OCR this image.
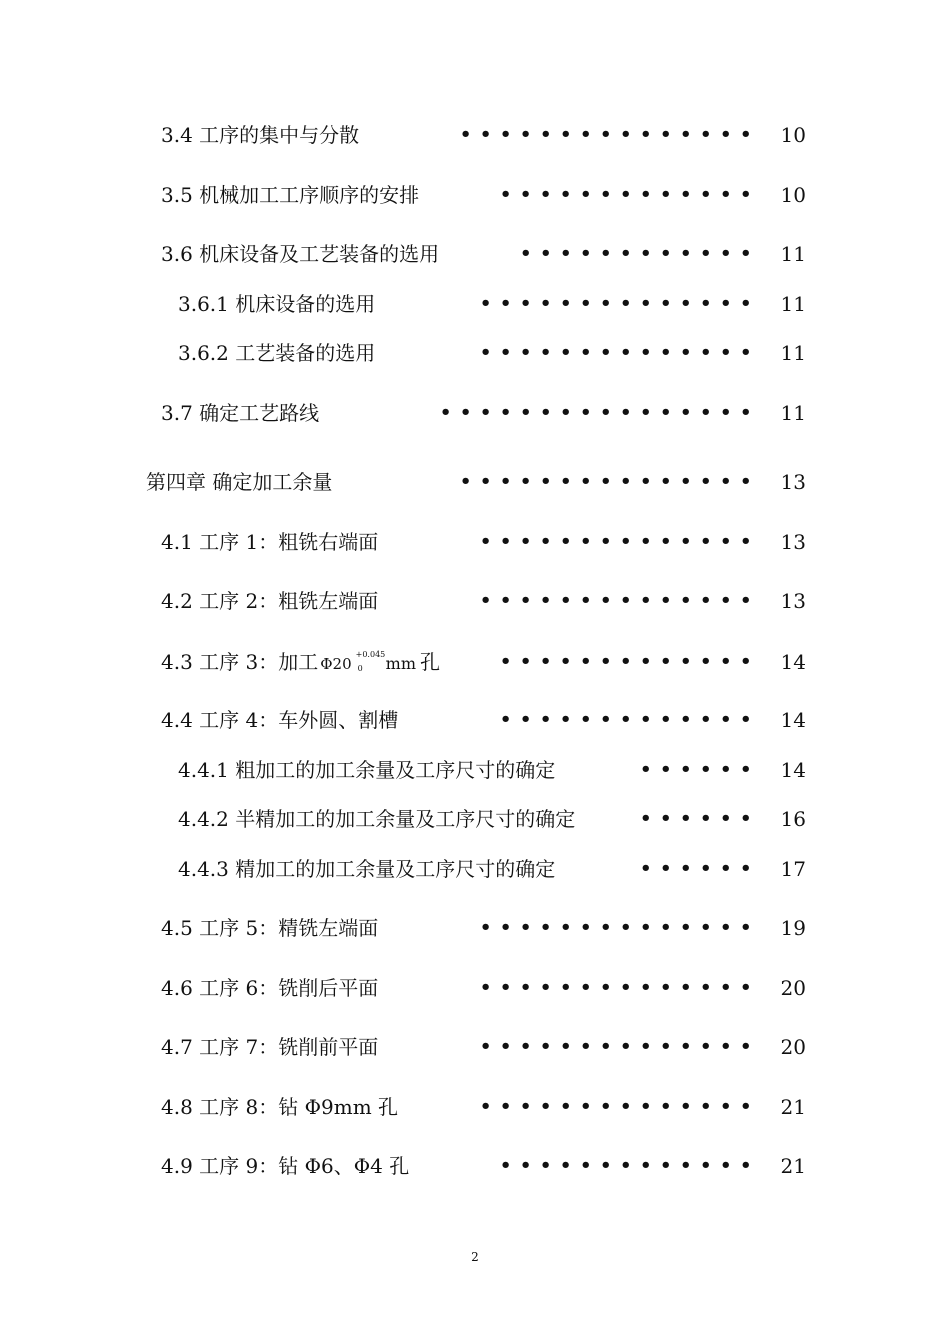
3.4 工序的集中与分散	••••••••••••••• 10
3.5 机械加工工序顺序的安排	••••••••••••• 10
3.6 机床设备及工艺装备的选用	•••••••••••• 11
3.6.1 机床设备的选用	•••••••••••••• 11
3.6.2 工艺装备的选用	•••••••••••••• 11
3.7 确定工艺路线	•••••••••••••••• 11
第四章 确定加工余量	••••••••••••••• 13
4.1 工序 1：粗铣右端面	•••••••••••••• 13
4.2 工序 2：粗铣左端面	•••••••••••••• 13
4.3 工序 3：加工 Φ20
+0.045
0 mm 孔	••••••••••••• 14
4.4 工序 4：车外圆、割槽	••••••••••••• 14
4.4.1 粗加工的加工余量及工序尺寸的确定	•••••• 14
4.4.2 半精加工的加工余量及工序尺寸的确定	•••••• 16
4.4.3 精加工的加工余量及工序尺寸的确定	•••••• 17
4.5 工序 5：精铣左端面	•••••••••••••• 19
4.6 工序 6：铣削后平面	•••••••••••••• 20
4.7 工序 7：铣削前平面	•••••••••••••• 20
4.8 工序 8：钻 Φ9mm 孔	•••••••••••••• 21
4.9 工序 9：钻 Φ6、Φ4 孔	••••••••••••• 21
2
